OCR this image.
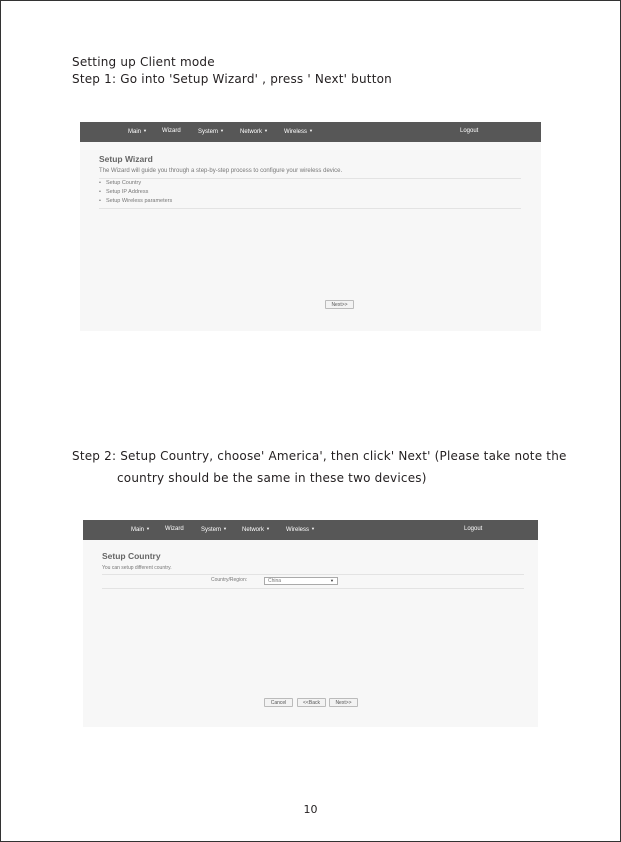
Setting up Client mode
Step 1: Go into 'Setup Wizard' , press ' Next' button
Main ▼	Wizard	System ▼	Network ▼	Wireless ▼	Logout
Setup Wizard
The Wizard will guide you through a step-by-step process to configure your wireless device.
• Setup Country
• Setup IP Address
• Setup Wireless parameters
Next>>
Step 2: Setup Country, choose' America', then click' Next' (Please take note the
country should be the same in these two devices)
Main ▼	Wizard	System ▼	Network ▼	Wireless ▼	Logout
Setup Country
You can setup different country.
Country/Region:	China	▼
Cancel	<<Back	Next>>
10
